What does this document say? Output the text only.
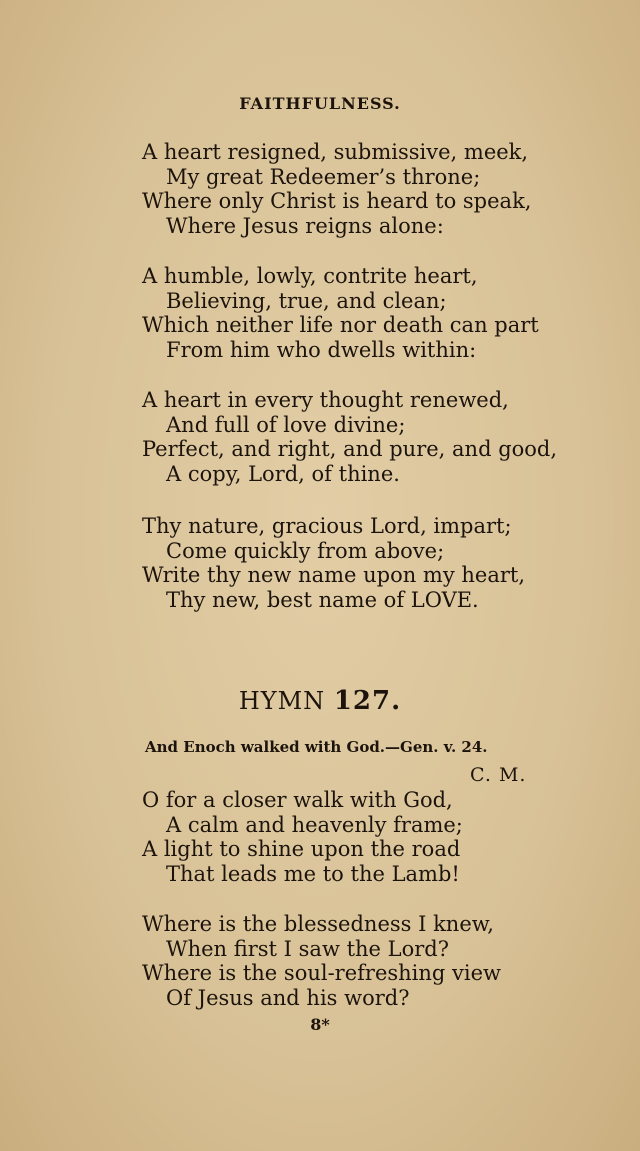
FAITHFULNESS.
A heart resigned, submissive, meek,
My great Redeemer’s throne;
Where only Christ is heard to speak,
Where Jesus reigns alone:
A humble, lowly, contrite heart,
Believing, true, and clean;
Which neither life nor death can part
From him who dwells within:
A heart in every thought renewed,
And full of love divine;
Perfect, and right, and pure, and good,
A copy, Lord, of thine.
Thy nature, gracious Lord, impart;
Come quickly from above;
Write thy new name upon my heart,
Thy new, best name of LOVE.
HYMN 127.
And Enoch walked with God.—Gen. v. 24.
C. M.
O for a closer walk with God,
A calm and heavenly frame;
A light to shine upon the road
That leads me to the Lamb!
Where is the blessedness I knew,
When first I saw the Lord?
Where is the soul-refreshing view
Of Jesus and his word?
8*
